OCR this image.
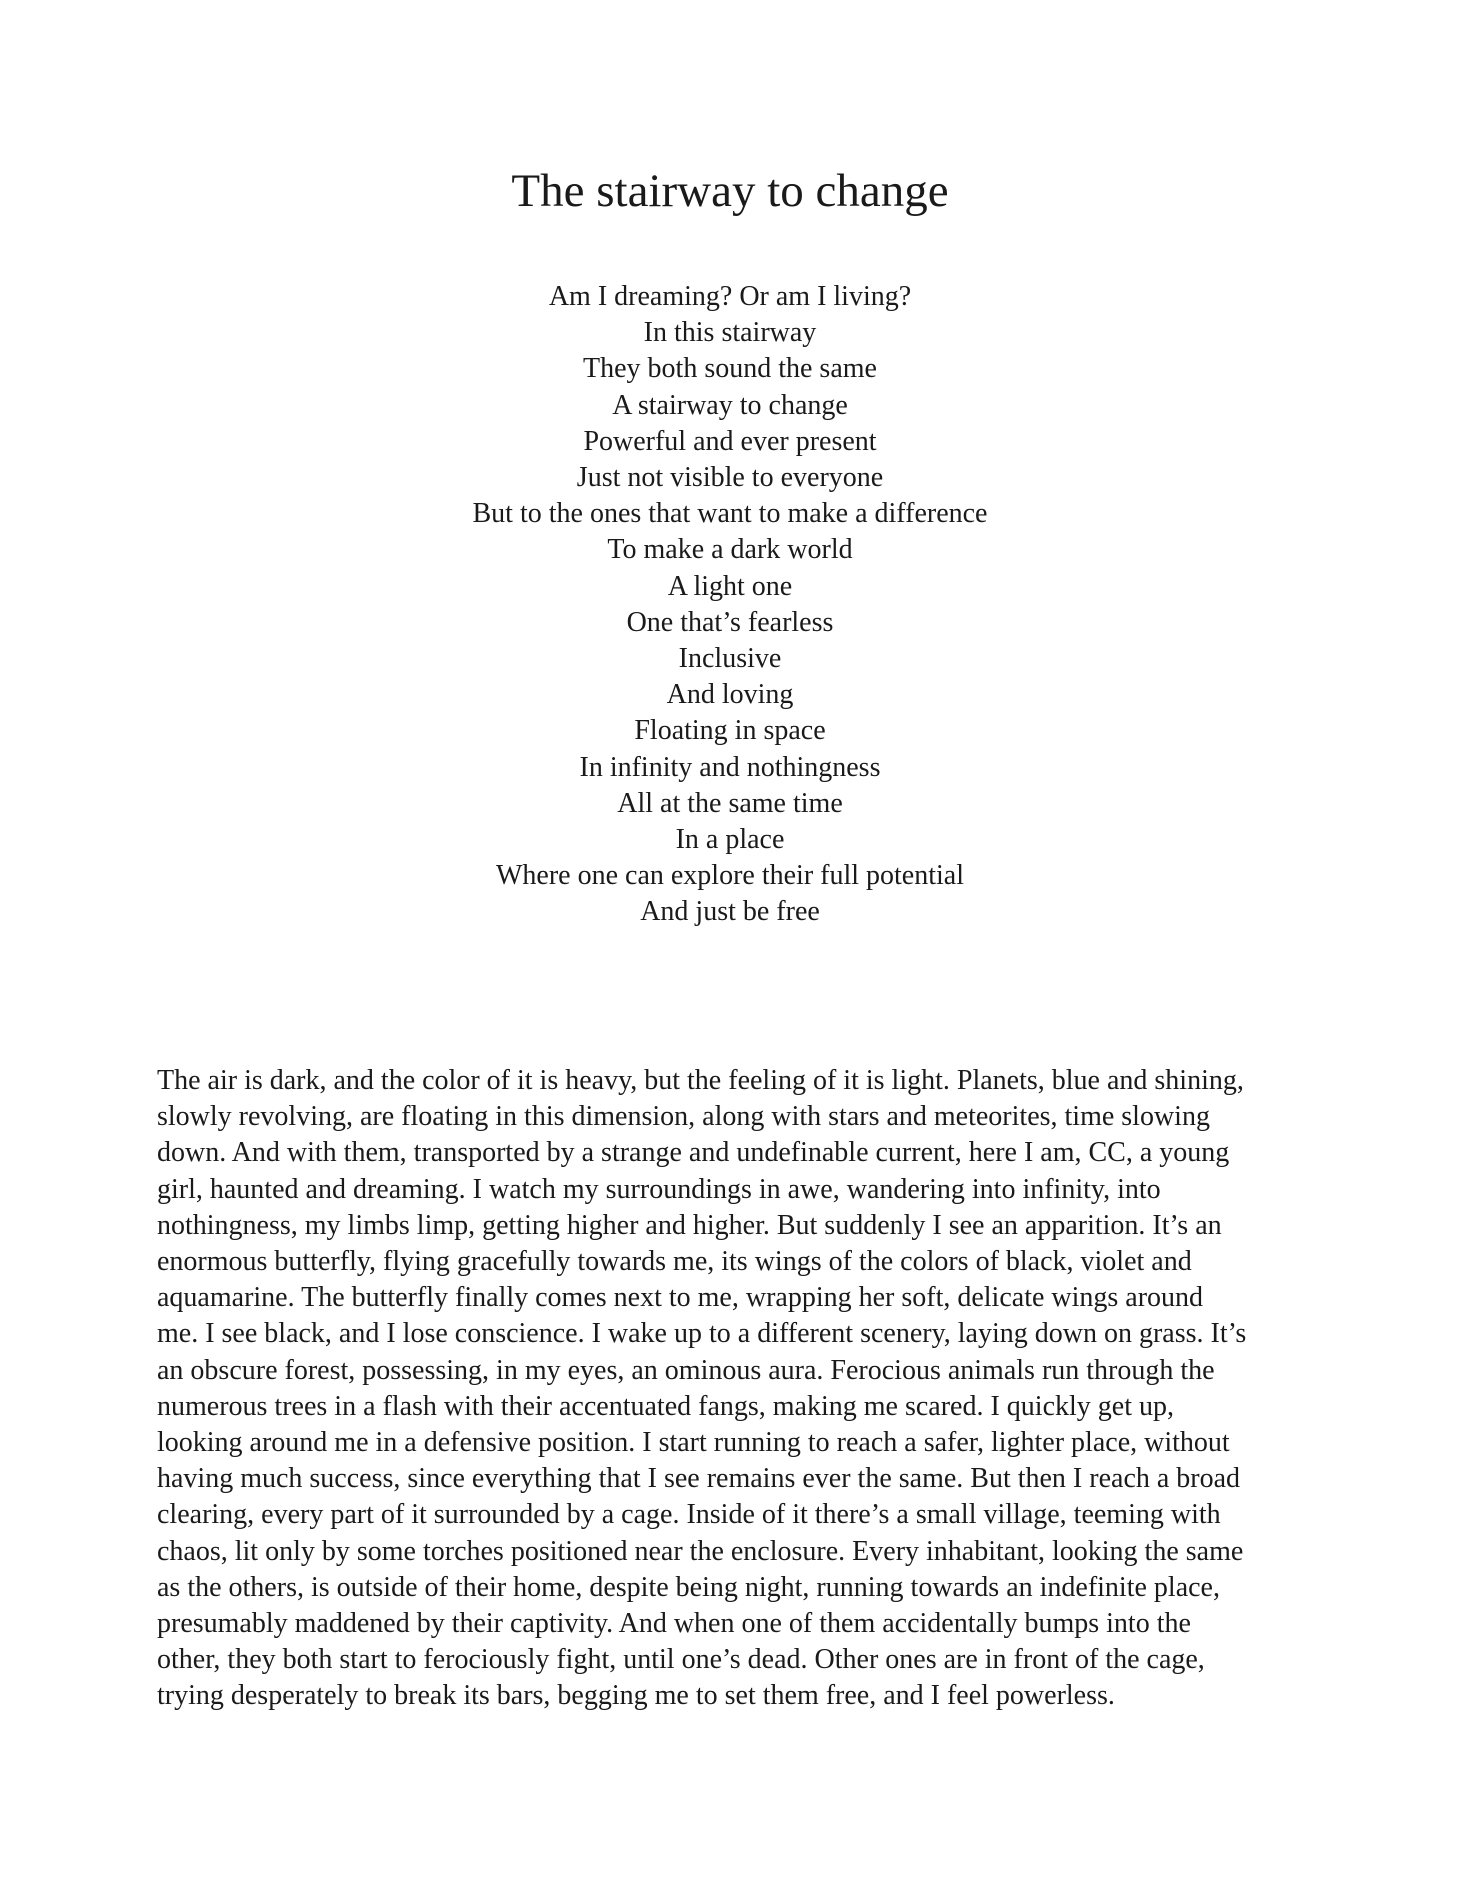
The stairway to change
Am I dreaming? Or am I living?
In this stairway
They both sound the same
A stairway to change
Powerful and ever present
Just not visible to everyone
But to the ones that want to make a difference
To make a dark world
A light one
One that’s fearless
Inclusive
And loving
Floating in space
In infinity and nothingness
All at the same time
In a place
Where one can explore their full potential
And just be free
The air is dark, and the color of it is heavy, but the feeling of it is light. Planets, blue and shining,
slowly revolving, are floating in this dimension, along with stars and meteorites, time slowing
down. And with them, transported by a strange and undefinable current, here I am, CC, a young
girl, haunted and dreaming. I watch my surroundings in awe, wandering into infinity, into
nothingness, my limbs limp, getting higher and higher. But suddenly I see an apparition. It’s an
enormous butterfly, flying gracefully towards me, its wings of the colors of black, violet and
aquamarine. The butterfly finally comes next to me, wrapping her soft, delicate wings around
me. I see black, and I lose conscience. I wake up to a different scenery, laying down on grass. It’s
an obscure forest, possessing, in my eyes, an ominous aura. Ferocious animals run through the
numerous trees in a flash with their accentuated fangs, making me scared. I quickly get up,
looking around me in a defensive position. I start running to reach a safer, lighter place, without
having much success, since everything that I see remains ever the same. But then I reach a broad
clearing, every part of it surrounded by a cage. Inside of it there’s a small village, teeming with
chaos, lit only by some torches positioned near the enclosure. Every inhabitant, looking the same
as the others, is outside of their home, despite being night, running towards an indefinite place,
presumably maddened by their captivity. And when one of them accidentally bumps into the
other, they both start to ferociously fight, until one’s dead. Other ones are in front of the cage,
trying desperately to break its bars, begging me to set them free, and I feel powerless.
